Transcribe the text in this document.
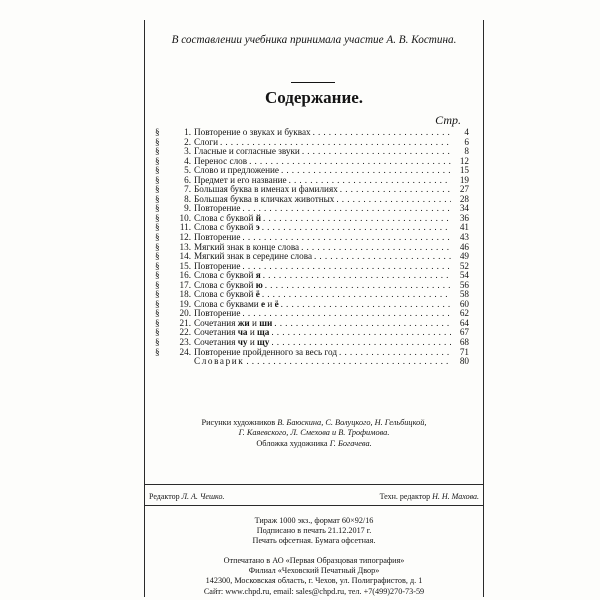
В составлении учебника принимала участие А. В. Костина.
Содержание.
Стр.
§	1. Повторение о звуках и буквах . . .	4
§	2. Слоги . . .	6
§	3. Гласные и согласные звуки . . .	8
§	4. Перенос слов . . .	12
§	5. Слово и предложение . . .	15
§	6. Предмет и его название . . .	19
§	7. Большая буква в именах и фамилиях . . .	27
§	8. Большая буква в кличках животных . . .	28
§	9. Повторение . . .	34
§	10. Слова с буквой й . . .	36
§	11. Слова с буквой э . . .	41
§	12. Повторение . . .	43
§	13. Мягкий знак в конце слова . . .	46
§	14. Мягкий знак в середине слова . . .	49
§	15. Повторение . . .	52
§	16. Слова с буквой я . . .	54
§	17. Слова с буквой ю . . .	56
§	18. Слова с буквой ё . . .	58
§	19. Слова с буквами е и ё . . .	60
§	20. Повторение . . .	62
§	21. Сочетания жи и ши . . .	64
§	22. Сочетания ча и ща . . .	67
§	23. Сочетания чу и щу . . .	68
§	24. Повторение пройденного за весь год . . .	71
Словарик . . .	80
Рисунки художников В. Баюскина, С. Волуцкого, Н. Гельбицкой,
Г. Каяевского, Л. Смехова и В. Трофимова.
Обложка художника Г. Богачева.
Редактор Л. А. Чешко.	Техн. редактор Н. Н. Махова.
Тираж 1000 экз., формат 60×92/16
Подписано в печать 21.12.2017 г.
Печать офсетная. Бумага офсетная.
Отпечатано в АО «Первая Образцовая типография»
Филиал «Чеховский Печатный Двор»
142300, Московская область, г. Чехов, ул. Полиграфистов, д. 1
Сайт: www.chpd.ru, email: sales@chpd.ru, тел. +7(499)270-73-59
